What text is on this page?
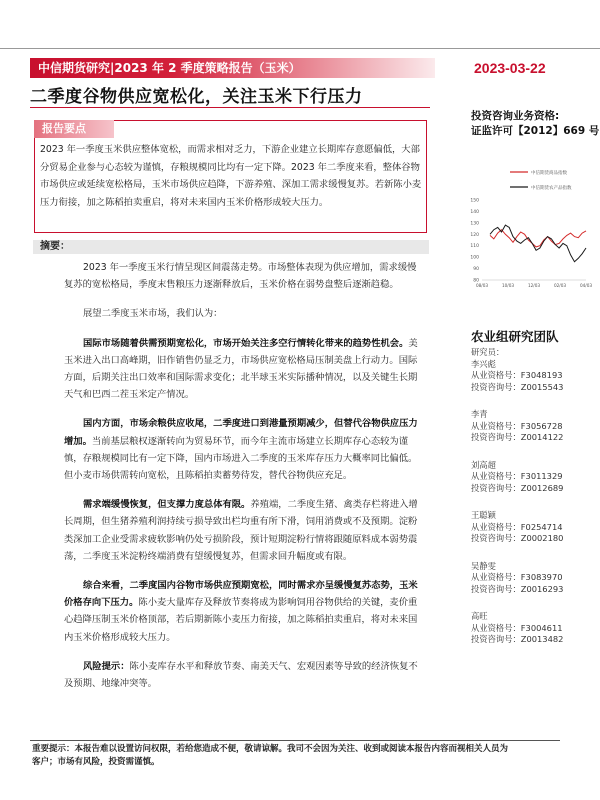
中信期货研究|2023 年 2 季度策略报告（玉米）	2023-03-22
二季度谷物供应宽松化，关注玉米下行压力
投资咨询业务资格:
证监许可【2012】669 号
报告要点
2023 年一季度玉米供应整体宽松，而需求相对乏力，下游企业建立长期库存意愿偏低，大部分贸易企业参与心态较为谨慎，存粮规模同比均有一定下降。2023 年二季度来看，整体谷物市场供应或延续宽松格局，玉米市场供应趋降，下游养殖、深加工需求缓慢复苏。若新陈小麦压力衔接，加之陈稻拍卖重启，将对未来国内玉米价格形成较大压力。
摘要：

2023 年一季度玉米行情呈现区间震荡走势。市场整体表现为供应增加，需求缓慢复苏的宽松格局，季度末售粮压力逐渐释放后，玉米价格在弱势盘整后逐渐趋稳。

展望二季度玉米市场，我们认为：

国际市场随着供需预期宽松化，市场开始关注多空行情转化带来的趋势性机会。美玉米进入出口高峰期，旧作销售仍显乏力，市场供应宽松格局压制美盘上行动力。国际方面，后期关注出口效率和国际需求变化；北半球玉米实际播种情况，以及关键生长期天气和巴西二茬玉米定产情况。

国内方面，市场余粮供应收尾，二季度进口到港量预期减少，但替代谷物供应压力增加。当前基层粮权逐渐转向为贸易环节，而今年主流市场建立长期库存心态较为谨慎，存粮规模同比有一定下降，国内市场进入二季度的玉米库存压力大概率同比偏低。但小麦市场供需转向宽松，且陈稻拍卖蓄势待发，替代谷物供应充足。

需求端缓慢恢复，但支撑力度总体有限。养殖端，二季度生猪、禽类存栏将进入增长周期，但生猪养殖利润持续亏损导致出栏均重有所下滑，饲用消费或不及预期。淀粉类深加工企业受需求疲软影响仍处亏损阶段，预计短期淀粉行情将跟随原料成本弱势震荡，二季度玉米淀粉终端消费有望缓慢复苏，但需求回升幅度或有限。

综合来看，二季度国内谷物市场供应预期宽松，同时需求亦呈缓慢复苏态势，玉米价格存向下压力。陈小麦大量库存及释放节奏将成为影响饲用谷物供给的关键，麦价重心趋降压制玉米价格顶部，若后期新陈小麦压力衔接，加之陈稻拍卖重启，将对未来国内玉米价格形成较大压力。

风险提示：陈小麦库存水平和释放节奏、南美天气、宏观因素等导致的经济恢复不及预期、地缘冲突等。

中信期货商品指数
中信期货农产品指数
80
90
100
110
120
130
140
150
08/03	10/03	12/03	02/03	04/03
农业组研究团队
研究员：
李兴彪
从业资格号：F3048193
投资咨询号：Z0015543
李青
从业资格号：F3056728
投资咨询号：Z0014122
刘高超
从业资格号：F3011329
投资咨询号：Z0012689
王聪颖
从业资格号：F0254714
投资咨询号：Z0002180
吴静雯
从业资格号：F3083970
投资咨询号：Z0016293
高旺
从业资格号：F3004611
投资咨询号：Z0013482
重要提示：本报告难以设置访问权限，若给您造成不便，敬请谅解。我司不会因为关注、收到或阅读本报告内容而视相关人员为
客户；市场有风险，投资需谨慎。
